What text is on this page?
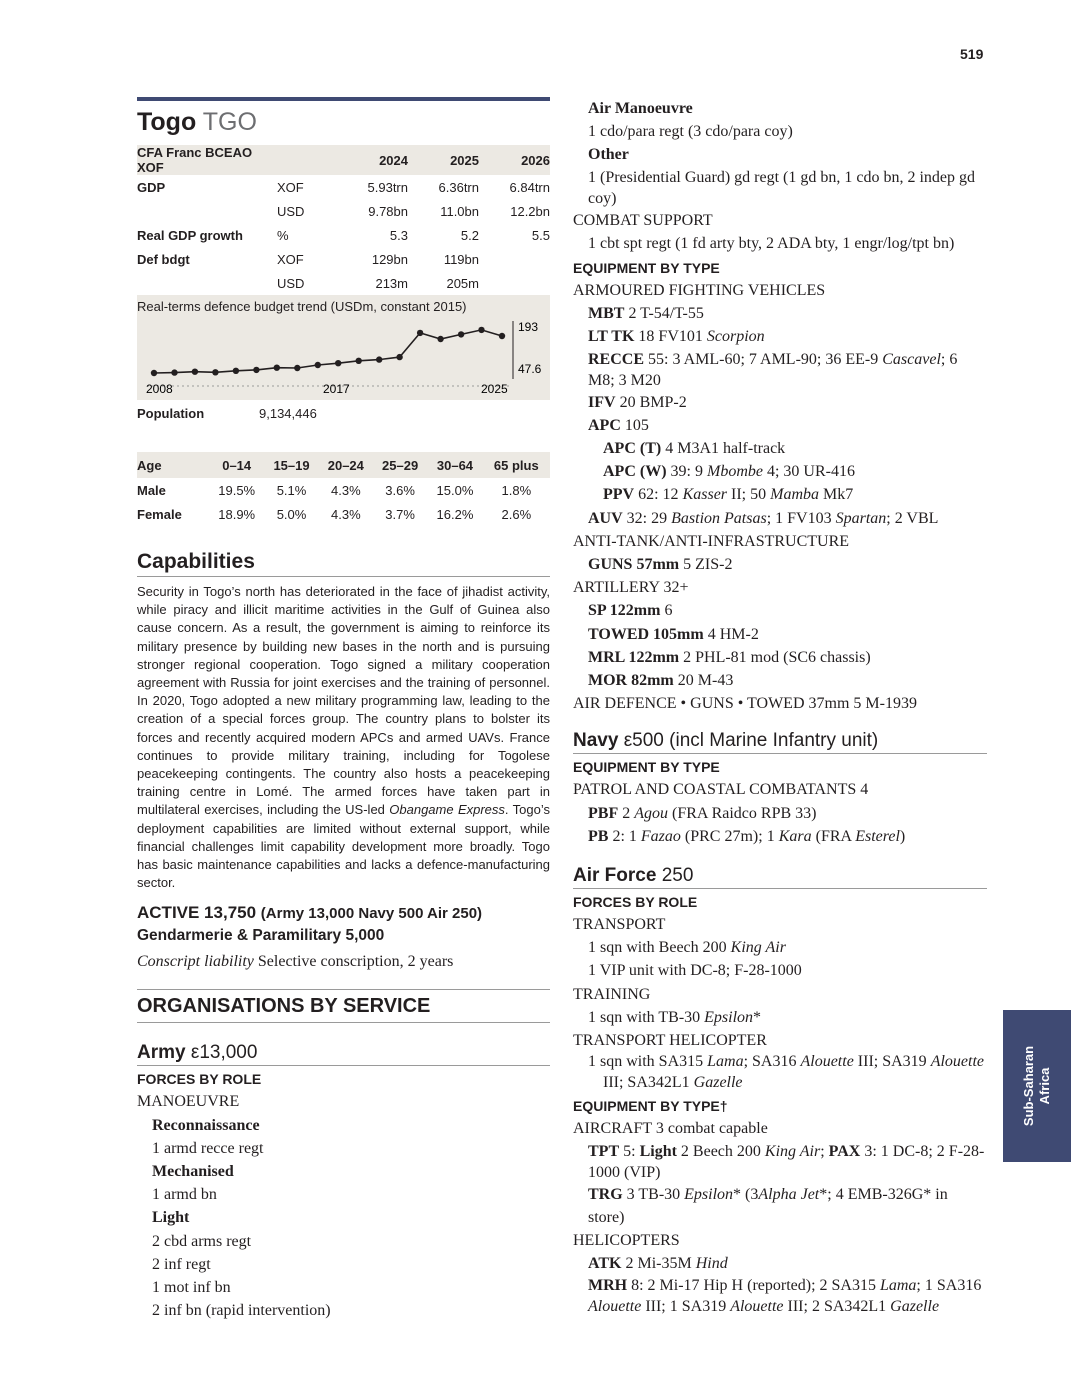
519
Togo TGO
CFA Franc BCEAO XOF		2024	2025	2026
GDP	XOF	5.93trn	6.36trn	6.84trn
	USD	9.78bn	11.0bn	12.2bn
Real GDP growth	%	5.3	5.2	5.5
Def bdgt	XOF	129bn	119bn	
	USD	213m	205m	
Real-terms defence budget trend (USDm, constant 2015)
193
47.6
2008	2017	2025
Population	9,134,446
Age	0–14	15–19	20–24	25–29	30–64	65 plus
Male	19.5%	5.1%	4.3%	3.6%	15.0%	1.8%
Female	18.9%	5.0%	4.3%	3.7%	16.2%	2.6%
Capabilities
Security in Togo’s north has deteriorated in the face of jihadist activity, while piracy and illicit maritime activities in the Gulf of Guinea also cause concern. As a result, the government is aiming to reinforce its military presence by building new bases in the north and is pursuing stronger regional cooperation. Togo signed a military cooperation agreement with Russia for joint exercises and the training of personnel. In 2020, Togo adopted a new military programming law, leading to the creation of a special forces group. The country plans to bolster its forces and recently acquired modern APCs and armed UAVs. France continues to provide military training, including for Togolese peacekeeping contingents. The country also hosts a peacekeeping training centre in Lomé. The armed forces have taken part in multilateral exercises, including the US-led Obangame Express. Togo’s deployment capabilities are limited without external support, while financial challenges limit capability development more broadly. Togo has basic maintenance capabilities and lacks a defence-manufacturing sector.
ACTIVE 13,750 (Army 13,000 Navy 500 Air 250)
Gendarmerie & Paramilitary 5,000
Conscript liability Selective conscription, 2 years
ORGANISATIONS BY SERVICE
Army ε13,000
FORCES BY ROLE
MANOEUVRE
Reconnaissance
1 armd recce regt
Mechanised
1 armd bn
Light
2 cbd arms regt
2 inf regt
1 mot inf bn
2 inf bn (rapid intervention)
Air Manoeuvre
1 cdo/para regt (3 cdo/para coy)
Other
1 (Presidential Guard) gd regt (1 gd bn, 1 cdo bn, 2 indep gd coy)
COMBAT SUPPORT
1 cbt spt regt (1 fd arty bty, 2 ADA bty, 1 engr/log/tpt bn)
EQUIPMENT BY TYPE
ARMOURED FIGHTING VEHICLES
MBT 2 T-54/T-55
LT TK 18 FV101 Scorpion
RECCE 55: 3 AML-60; 7 AML-90; 36 EE-9 Cascavel; 6 M8; 3 M20
IFV 20 BMP-2
APC 105
APC (T) 4 M3A1 half-track
APC (W) 39: 9 Mbombe 4; 30 UR-416
PPV 62: 12 Kasser II; 50 Mamba Mk7
AUV 32: 29 Bastion Patsas; 1 FV103 Spartan; 2 VBL
ANTI-TANK/ANTI-INFRASTRUCTURE
GUNS 57mm 5 ZIS-2
ARTILLERY 32+
SP 122mm 6
TOWED 105mm 4 HM-2
MRL 122mm 2 PHL-81 mod (SC6 chassis)
MOR 82mm 20 M-43
AIR DEFENCE • GUNS • TOWED 37mm 5 M-1939
Navy ε500 (incl Marine Infantry unit)
EQUIPMENT BY TYPE
PATROL AND COASTAL COMBATANTS 4
PBF 2 Agou (FRA Raidco RPB 33)
PB 2: 1 Fazao (PRC 27m); 1 Kara (FRA Esterel)
Air Force 250
FORCES BY ROLE
TRANSPORT
1 sqn with Beech 200 King Air
1 VIP unit with DC-8; F-28-1000
TRAINING
1 sqn with TB-30 Epsilon*
TRANSPORT HELICOPTER
1 sqn with SA315 Lama; SA316 Alouette III; SA319 Alouette III; SA342L1 Gazelle
EQUIPMENT BY TYPE†
AIRCRAFT 3 combat capable
TPT 5: Light 2 Beech 200 King Air; PAX 3: 1 DC-8; 2 F-28-1000 (VIP)
TRG 3 TB-30 Epsilon* (3Alpha Jet*; 4 EMB-326G* in store)
HELICOPTERS
ATK 2 Mi-35M Hind
MRH 8: 2 Mi-17 Hip H (reported); 2 SA315 Lama; 1 SA316 Alouette III; 1 SA319 Alouette III; 2 SA342L1 Gazelle
Sub-Saharan Africa
